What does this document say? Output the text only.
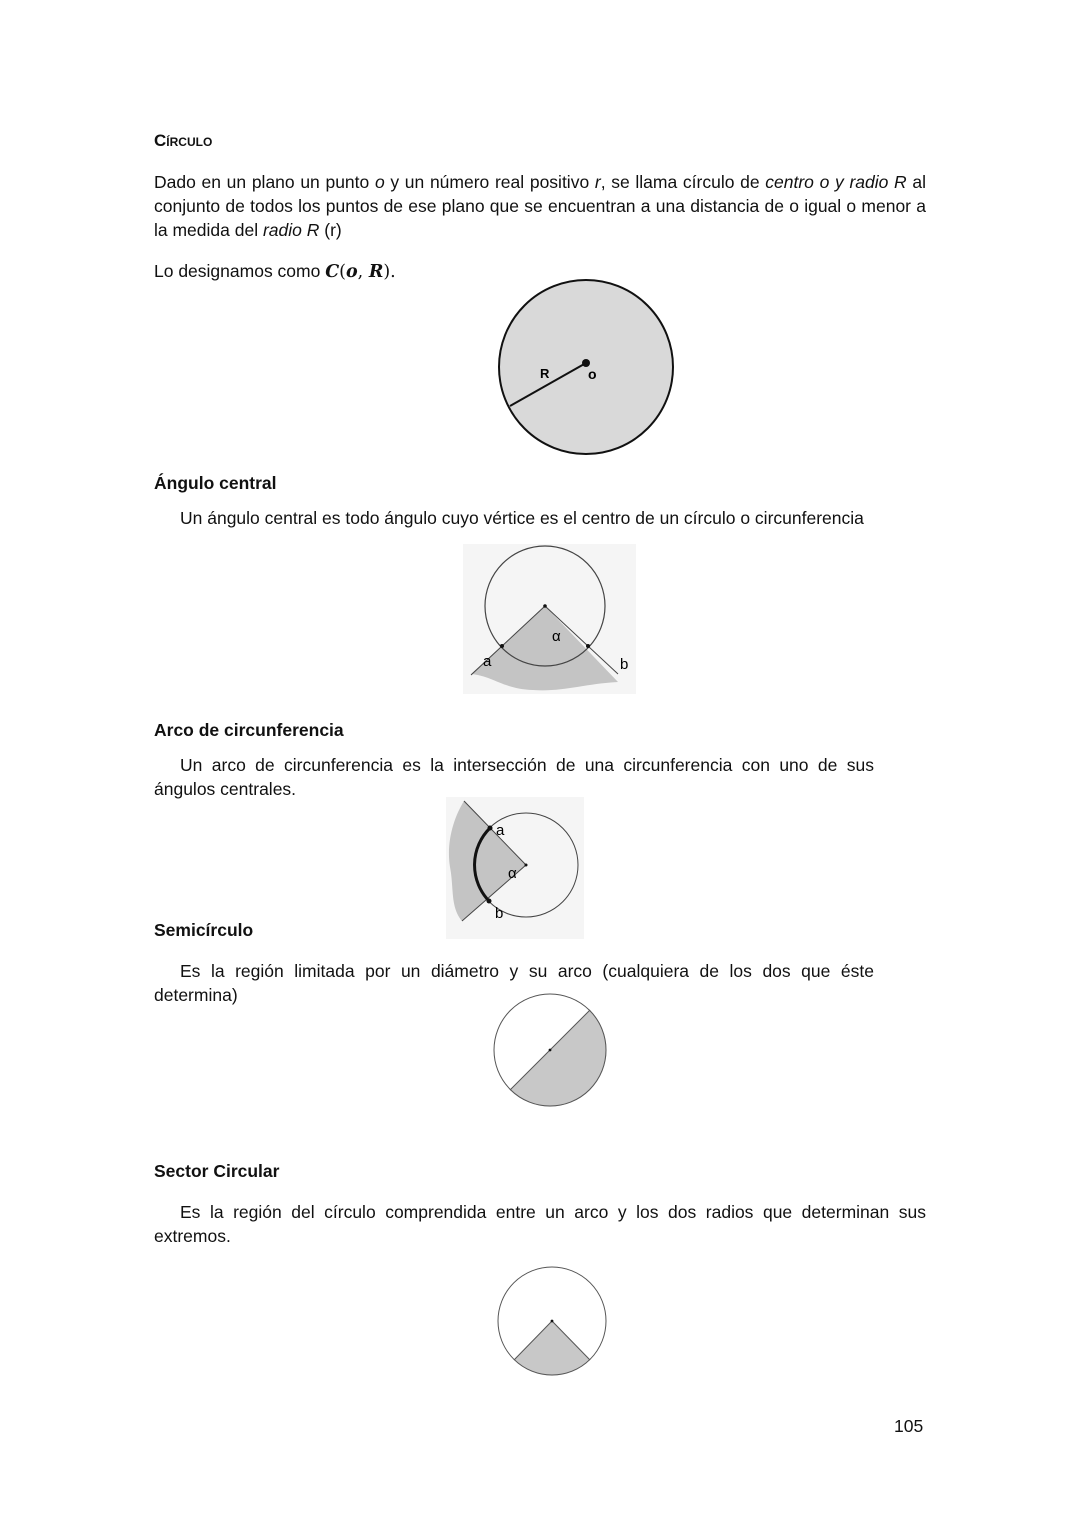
Círculo
Dado en un plano un punto o y un número real positivo r, se llama círculo de centro o y radio R al conjunto de todos los puntos de ese plano que se encuentran a una distancia de o igual o menor a la medida del radio R (r)
Lo designamos como C(o, R).
R	o
Ángulo central
Un ángulo central es todo ángulo cuyo vértice es el centro de un círculo o circunferencia
α
a	b
Arco de circunferencia
Un arco de circunferencia es la intersección de una circunferencia con uno de sus
ángulos centrales.
a
α
b
Semicírculo
Es la región limitada por un diámetro y su arco (cualquiera de los dos que éste
determina)
Sector Circular
Es la región del círculo comprendida entre un arco y los dos radios que determinan sus
extremos.
105
